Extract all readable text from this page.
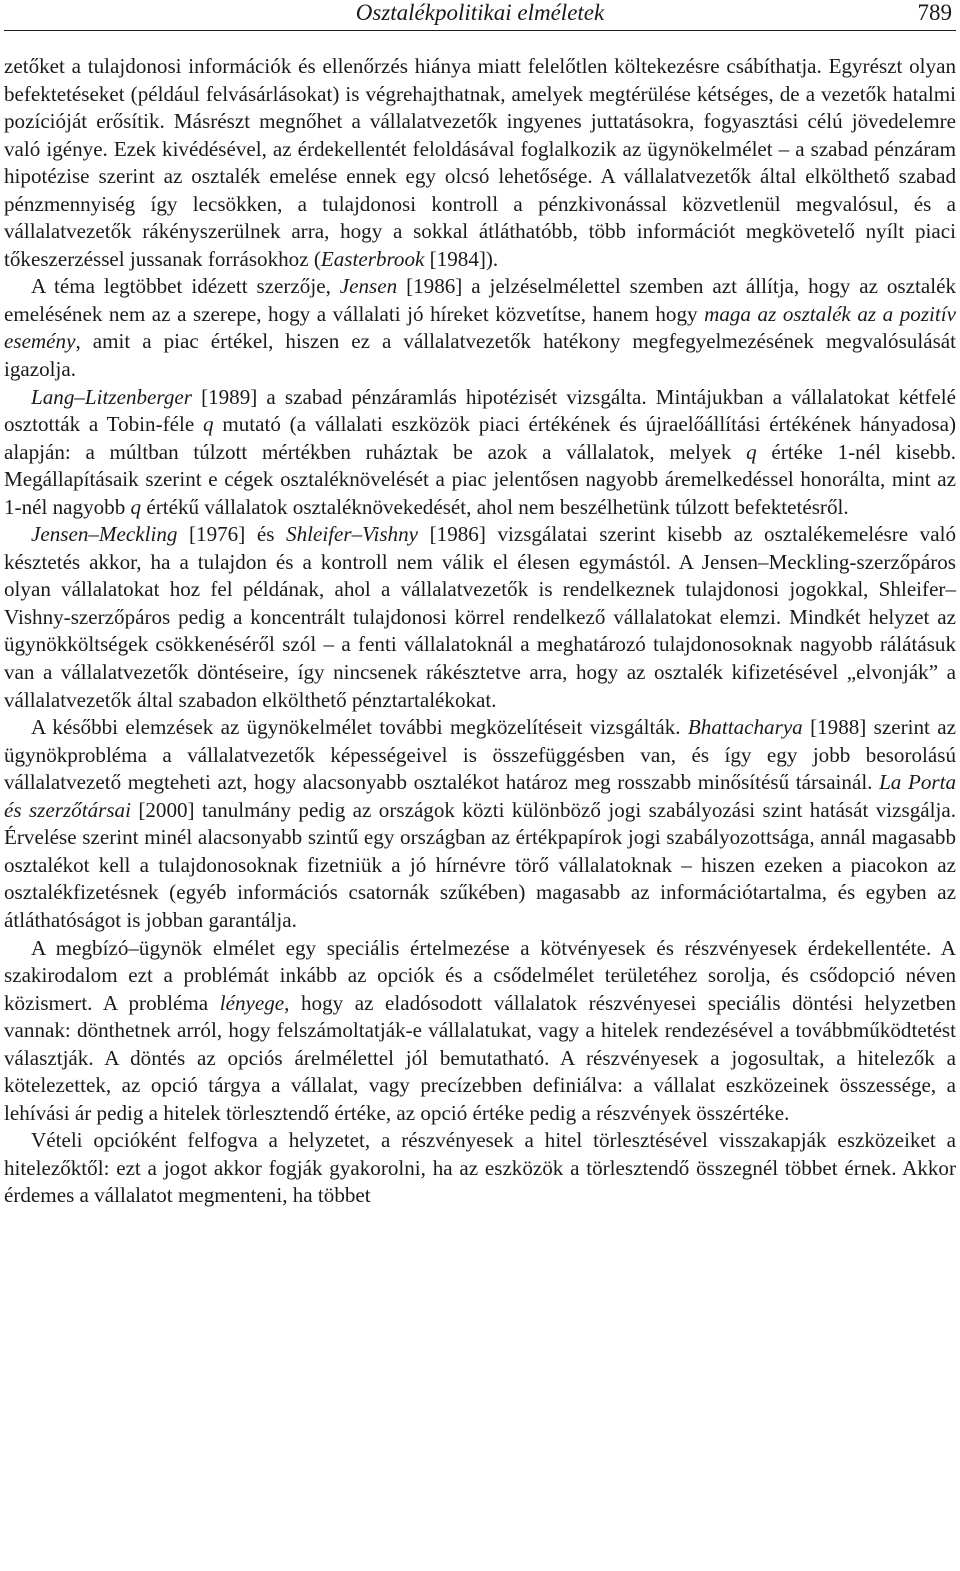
Osztalékpolitikai elméletek	789

zetőket a tulajdonosi információk és ellenőrzés hiánya miatt felelőtlen költekezésre csábíthatja. Egyrészt olyan befektetéseket (például felvásárlásokat) is végrehajthatnak, amelyek megtérülése kétséges, de a vezetők hatalmi pozícióját erősítik. Másrészt megnőhet a vállalatvezetők ingyenes juttatásokra, fogyasztási célú jövedelemre való igénye. Ezek kivédésével, az érdekellentét feloldásával foglalkozik az ügynökelmélet – a szabad pénzáram hipotézise szerint az osztalék emelése ennek egy olcsó lehetősége. A vállalatvezetők által elkölthető szabad pénzmennyiség így lecsökken, a tulajdonosi kontroll a pénzkivonással közvetlenül megvalósul, és a vállalatvezetők rákényszerülnek arra, hogy a sokkal átláthatóbb, több információt megkövetelő nyílt piaci tőkeszerzéssel jussanak forrásokhoz (Easterbrook [1984]).

A téma legtöbbet idézett szerzője, Jensen [1986] a jelzéselmélettel szemben azt állítja, hogy az osztalék emelésének nem az a szerepe, hogy a vállalati jó híreket közvetítse, hanem hogy maga az osztalék az a pozitív esemény, amit a piac értékel, hiszen ez a vállalatvezetők hatékony megfegyelmezésének megvalósulását igazolja.

Lang–Litzenberger [1989] a szabad pénzáramlás hipotézisét vizsgálta. Mintájukban a vállalatokat kétfelé osztották a Tobin-féle q mutató (a vállalati eszközök piaci értékének és újraelőállítási értékének hányadosa) alapján: a múltban túlzott mértékben ruháztak be azok a vállalatok, melyek q értéke 1-nél kisebb. Megállapításaik szerint e cégek osztaléknövelését a piac jelentősen nagyobb áremelkedéssel honorálta, mint az 1-nél nagyobb q értékű vállalatok osztaléknövekedését, ahol nem beszélhetünk túlzott befektetésről.

Jensen–Meckling [1976] és Shleifer–Vishny [1986] vizsgálatai szerint kisebb az osztalékemelésre való késztetés akkor, ha a tulajdon és a kontroll nem válik el élesen egymástól. A Jensen–Meckling-szerzőpáros olyan vállalatokat hoz fel példának, ahol a vállalatvezetők is rendelkeznek tulajdonosi jogokkal, Shleifer–Vishny-szerzőpáros pedig a koncentrált tulajdonosi körrel rendelkező vállalatokat elemzi. Mindkét helyzet az ügynökköltségek csökkenéséről szól – a fenti vállalatoknál a meghatározó tulajdonosoknak nagyobb rálátásuk van a vállalatvezetők döntéseire, így nincsenek rákésztetve arra, hogy az osztalék kifizetésével „elvonják” a vállalatvezetők által szabadon elkölthető pénztartalékokat.

A későbbi elemzések az ügynökelmélet további megközelítéseit vizsgálták. Bhattacharya [1988] szerint az ügynökprobléma a vállalatvezetők képességeivel is összefüggésben van, és így egy jobb besorolású vállalatvezető megteheti azt, hogy alacsonyabb osztalékot határoz meg rosszabb minősítésű társainál. La Porta és szerzőtársai [2000] tanulmány pedig az országok közti különböző jogi szabályozási szint hatását vizsgálja. Érvelése szerint minél alacsonyabb szintű egy országban az értékpapírok jogi szabályozottsága, annál magasabb osztalékot kell a tulajdonosoknak fizetniük a jó hírnévre törő vállalatoknak – hiszen ezeken a piacokon az osztalékfizetésnek (egyéb információs csatornák szűkében) magasabb az információtartalma, és egyben az átláthatóságot is jobban garantálja.

A megbízó–ügynök elmélet egy speciális értelmezése a kötvényesek és részvényesek érdekellentéte. A szakirodalom ezt a problémát inkább az opciók és a csődelmélet területéhez sorolja, és csődopció néven közismert. A probléma lényege, hogy az eladósodott vállalatok részvényesei speciális döntési helyzetben vannak: dönthetnek arról, hogy felszámoltatják-e vállalatukat, vagy a hitelek rendezésével a továbbműködtetést választják. A döntés az opciós árelmélettel jól bemutatható. A részvényesek a jogosultak, a hitelezők a kötelezettek, az opció tárgya a vállalat, vagy precízebben definiálva: a vállalat eszközeinek összessége, a lehívási ár pedig a hitelek törlesztendő értéke, az opció értéke pedig a részvények összértéke.

Vételi opcióként felfogva a helyzetet, a részvényesek a hitel törlesztésével visszakapják eszközeiket a hitelezőktől: ezt a jogot akkor fogják gyakorolni, ha az eszközök a törlesztendő összegnél többet érnek. Akkor érdemes a vállalatot megmenteni, ha többet
